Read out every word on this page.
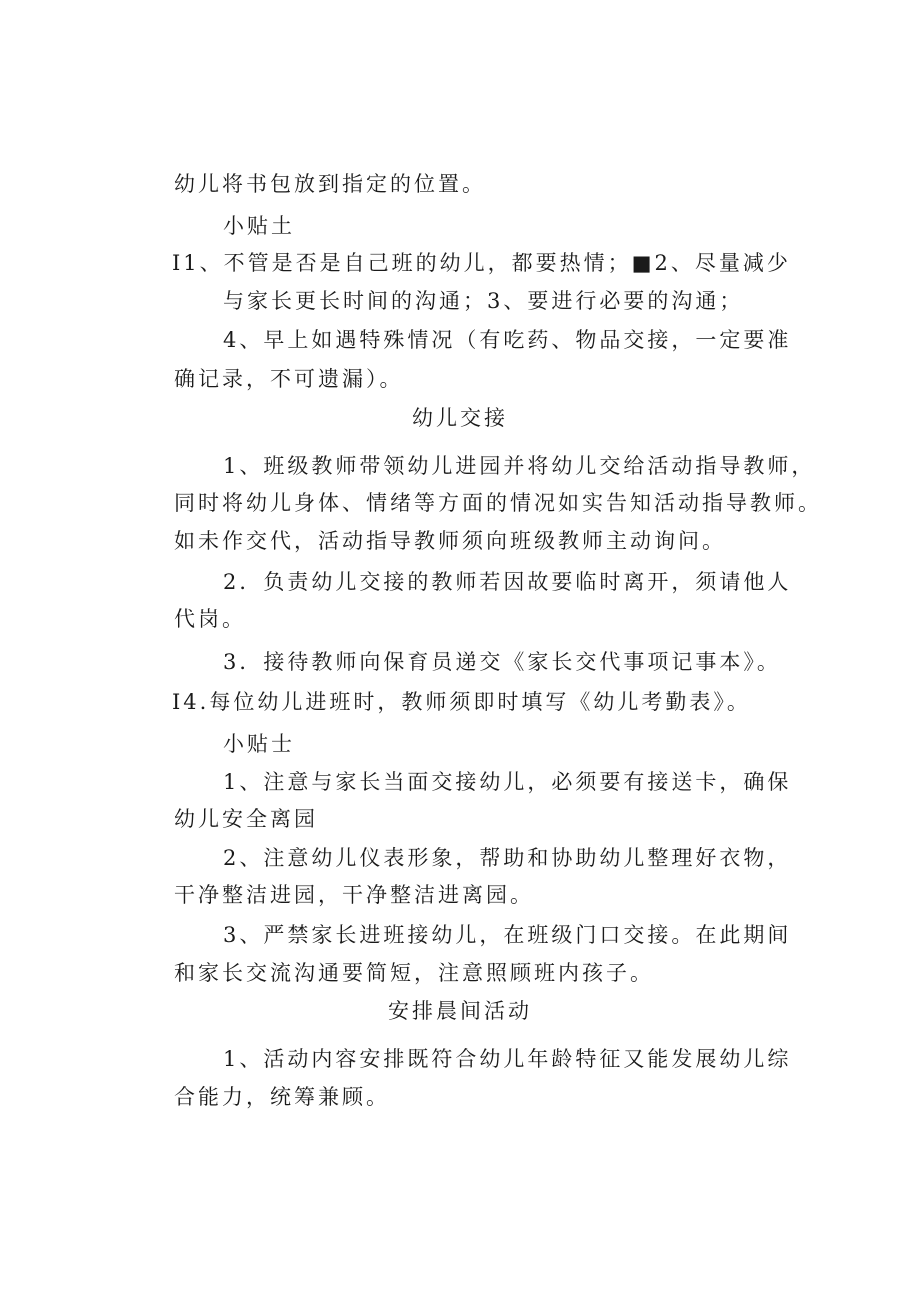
幼儿将书包放到指定的位置。
小贴土
I1、不管是否是自己班的幼儿，都要热情；■2、尽量减少
与家长更长时间的沟通；3、要进行必要的沟通；
4、早上如遇特殊情况（有吃药、物品交接，一定要准
确记录，不可遗漏）。
幼儿交接
1、班级教师带领幼儿进园并将幼儿交给活动指导教师，
同时将幼儿身体、情绪等方面的情况如实告知活动指导教师。
如未作交代，活动指导教师须向班级教师主动询问。
2．负责幼儿交接的教师若因故要临时离开，须请他人
代岗。
3．接待教师向保育员递交《家长交代事项记事本》。
I4.每位幼儿进班时，教师须即时填写《幼儿考勤表》。
小贴士
1、注意与家长当面交接幼儿，必须要有接送卡，确保
幼儿安全离园
2、注意幼儿仪表形象，帮助和协助幼儿整理好衣物，
干净整洁进园，干净整洁进离园。
3、严禁家长进班接幼儿，在班级门口交接。在此期间
和家长交流沟通要简短，注意照顾班内孩子。
安排晨间活动
1、活动内容安排既符合幼儿年龄特征又能发展幼儿综
合能力，统筹兼顾。
